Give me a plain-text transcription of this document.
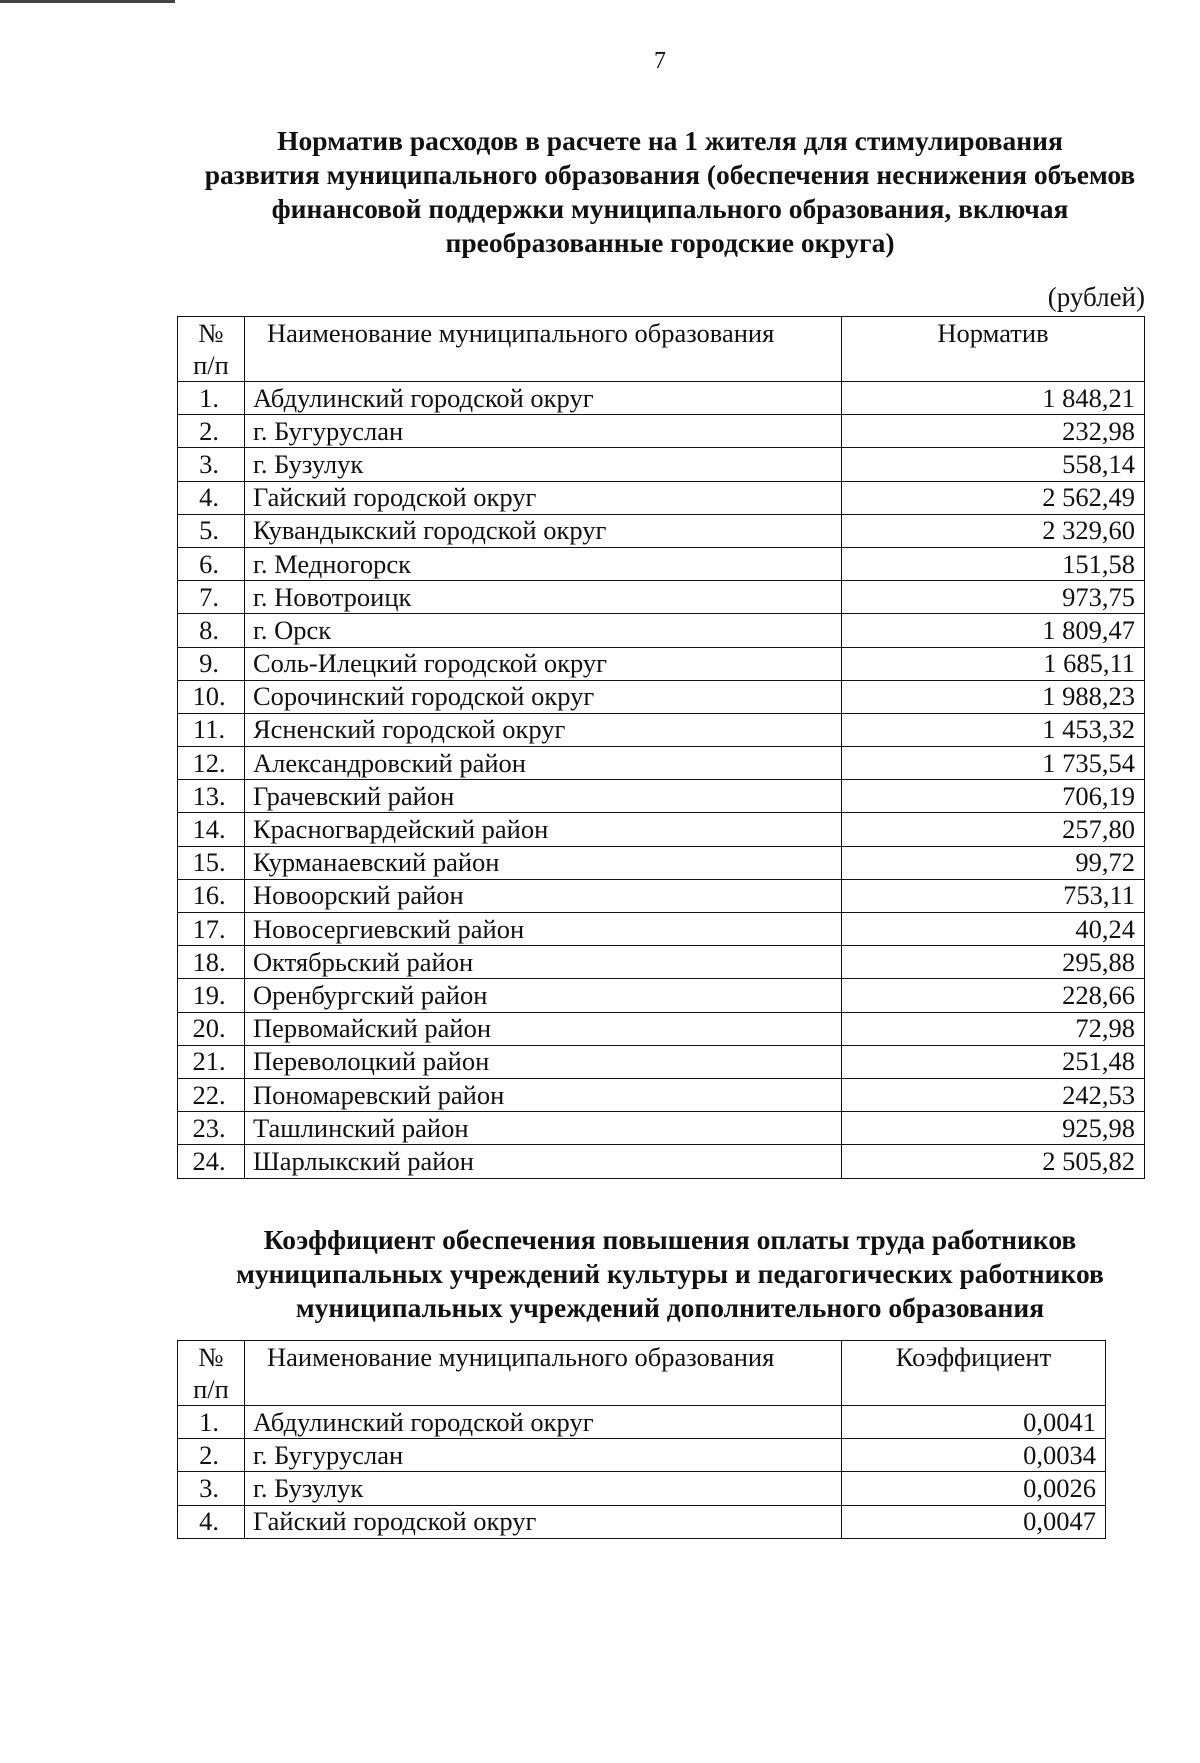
7
Норматив расходов в расчете на 1 жителя для стимулирования
развития муниципального образования (обеспечения неснижения объемов
финансовой поддержки муниципального образования, включая
преобразованные городские округа)
(рублей)
№
п/п	Наименование муниципального образования	Норматив
1.	Абдулинский городской округ	1 848,21
2.	г. Бугуруслан	232,98
3.	г. Бузулук	558,14
4.	Гайский городской округ	2 562,49
5.	Кувандыкский городской округ	2 329,60
6.	г. Медногорск	151,58
7.	г. Новотроицк	973,75
8.	г. Орск	1 809,47
9.	Соль-Илецкий городской округ	1 685,11
10.	Сорочинский городской округ	1 988,23
11.	Ясненский городской округ	1 453,32
12.	Александровский район	1 735,54
13.	Грачевский район	706,19
14.	Красногвардейский район	257,80
15.	Курманаевский район	99,72
16.	Новоорский район	753,11
17.	Новосергиевский район	40,24
18.	Октябрьский район	295,88
19.	Оренбургский район	228,66
20.	Первомайский район	72,98
21.	Переволоцкий район	251,48
22.	Пономаревский район	242,53
23.	Ташлинский район	925,98
24.	Шарлыкский район	2 505,82
Коэффициент обеспечения повышения оплаты труда работников
муниципальных учреждений культуры и педагогических работников
муниципальных учреждений дополнительного образования
№
п/п	Наименование муниципального образования	Коэффициент
1.	Абдулинский городской округ	0,0041
2.	г. Бугуруслан	0,0034
3.	г. Бузулук	0,0026
4.	Гайский городской округ	0,0047
